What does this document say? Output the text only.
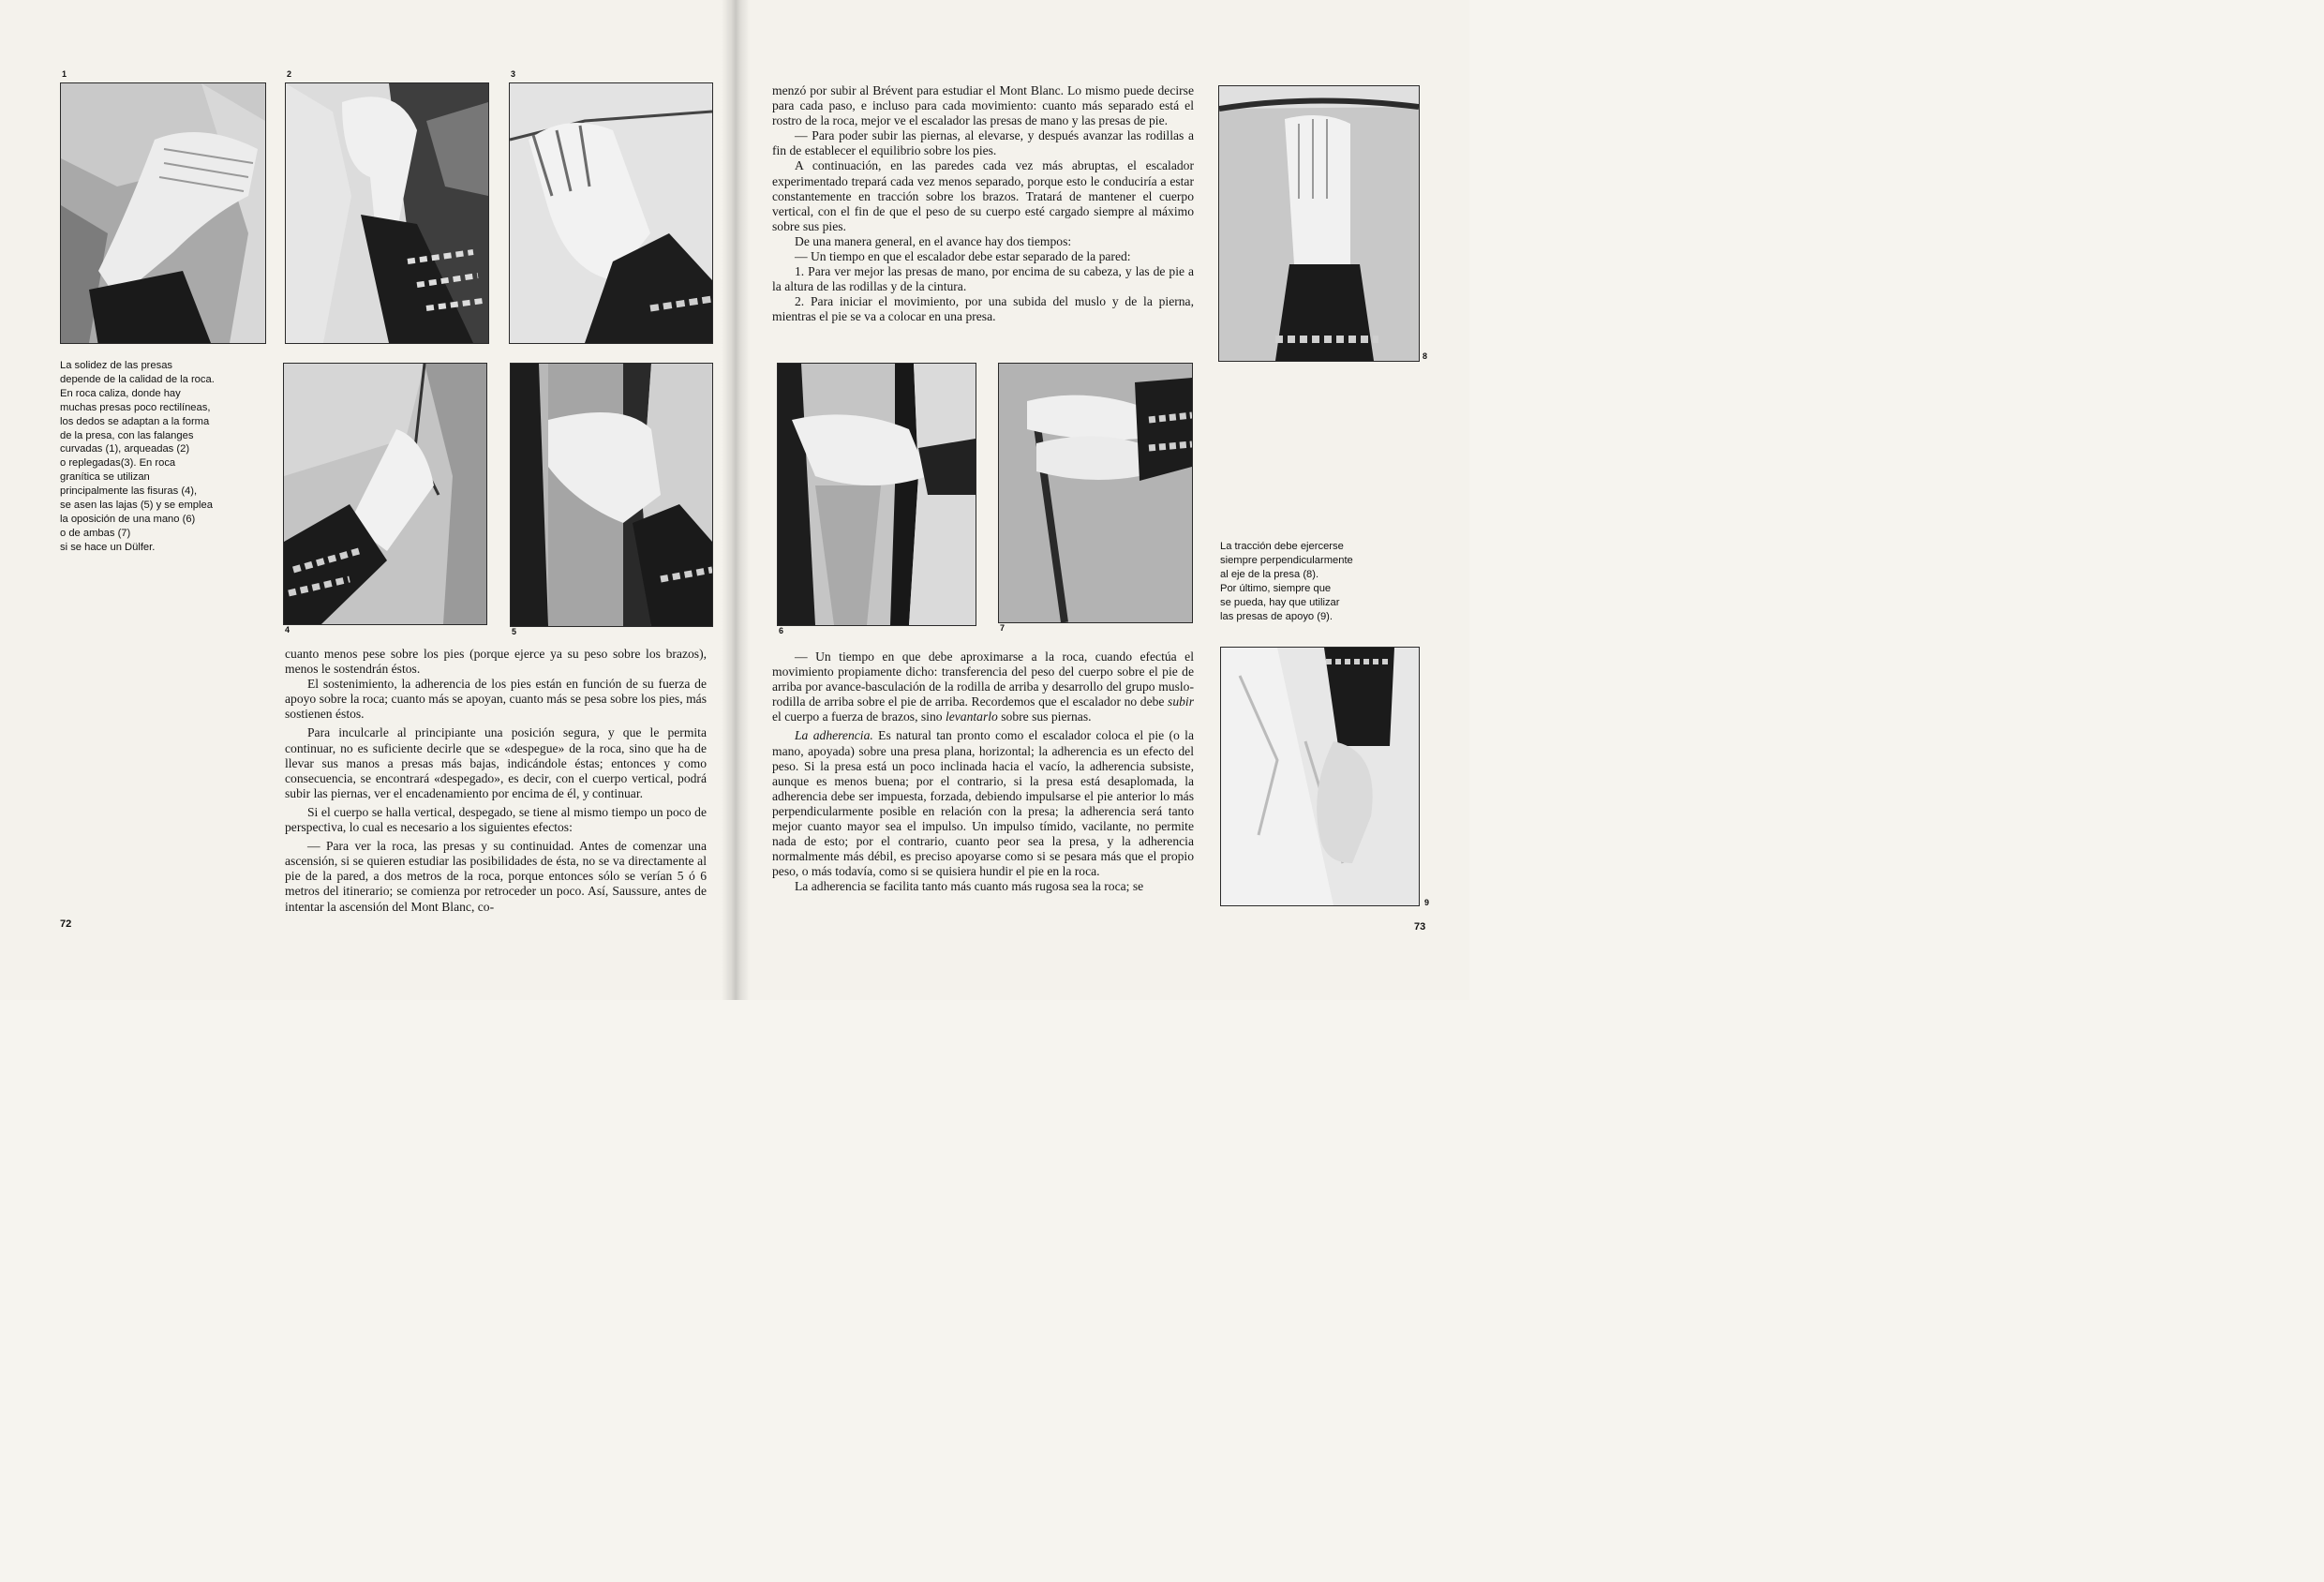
1	2	3
La solidez de las presas
depende de la calidad de la roca.
En roca caliza, donde hay
muchas presas poco rectilíneas,
los dedos se adaptan a la forma
de la presa, con las falanges
curvadas (1), arqueadas (2)
o replegadas(3). En roca
granítica se utilizan
principalmente las fisuras (4),
se asen las lajas (5) y se emplea
la oposición de una mano (6)
o de ambas (7)
si se hace un Dülfer.
4	5

cuanto menos pese sobre los pies (porque ejerce ya su peso sobre los brazos), menos le sostendrán éstos.

El sostenimiento, la adherencia de los pies están en función de su fuerza de apoyo sobre la roca; cuanto más se apoyan, cuanto más se pesa sobre los pies, más sostienen éstos.

Para inculcarle al principiante una posición segura, y que le permita continuar, no es suficiente decirle que se «despegue» de la roca, sino que ha de llevar sus manos a presas más bajas, indicándole éstas; entonces y como consecuencia, se encontrará «despegado», es decir, con el cuerpo vertical, podrá subir las piernas, ver el encadenamiento por encima de él, y continuar.

Si el cuerpo se halla vertical, despegado, se tiene al mismo tiempo un poco de perspectiva, lo cual es necesario a los siguientes efectos:

— Para ver la roca, las presas y su continuidad. Antes de comenzar una ascensión, si se quieren estudiar las posibilidades de ésta, no se va directamente al pie de la pared, a dos metros de la roca, porque entonces sólo se verían 5 ó 6 metros del itinerario; se comienza por retroceder un poco. Así, Saussure, antes de intentar la ascensión del Mont Blanc, co-

72

menzó por subir al Brévent para estudiar el Mont Blanc. Lo mismo puede decirse para cada paso, e incluso para cada movimiento: cuanto más separado está el rostro de la roca, mejor ve el escalador las presas de mano y las presas de pie.

— Para poder subir las piernas, al elevarse, y después avanzar las rodillas a fin de establecer el equilibrio sobre los pies.

A continuación, en las paredes cada vez más abruptas, el escalador experimentado trepará cada vez menos separado, porque esto le conduciría a estar constantemente en tracción sobre los brazos. Tratará de mantener el cuerpo vertical, con el fin de que el peso de su cuerpo esté cargado siempre al máximo sobre sus pies.

De una manera general, en el avance hay dos tiempos:

— Un tiempo en que el escalador debe estar separado de la pared:

1. Para ver mejor las presas de mano, por encima de su cabeza, y las de pie a la altura de las rodillas y de la cintura.

2. Para iniciar el movimiento, por una subida del muslo y de la pierna, mientras el pie se va a colocar en una presa.

8
6	7
La tracción debe ejercerse
siempre perpendicularmente
al eje de la presa (8).
Por último, siempre que
se pueda, hay que utilizar
las presas de apoyo (9).

— Un tiempo en que debe aproximarse a la roca, cuando efectúa el movimiento propiamente dicho: transferencia del peso del cuerpo sobre el pie de arriba por avance-basculación de la rodilla de arriba y desarrollo del grupo muslo-rodilla de arriba sobre el pie de arriba. Recordemos que el escalador no debe subir el cuerpo a fuerza de brazos, sino levantarlo sobre sus piernas.

La adherencia. Es natural tan pronto como el escalador coloca el pie (o la mano, apoyada) sobre una presa plana, horizontal; la adherencia es un efecto del peso. Si la presa está un poco inclinada hacia el vacío, la adherencia subsiste, aunque es menos buena; por el contrario, si la presa está desaplomada, la adherencia debe ser impuesta, forzada, debiendo impulsarse el pie anterior lo más perpendicularmente posible en relación con la presa; la adherencia será tanto mejor cuanto mayor sea el impulso. Un impulso tímido, vacilante, no permite nada de esto; por el contrario, cuanto peor sea la presa, y la adherencia normalmente más débil, es preciso apoyarse como si se pesara más que el propio peso, o más todavía, como si se quisiera hundir el pie en la roca.

La adherencia se facilita tanto más cuanto más rugosa sea la roca; se

9
73
